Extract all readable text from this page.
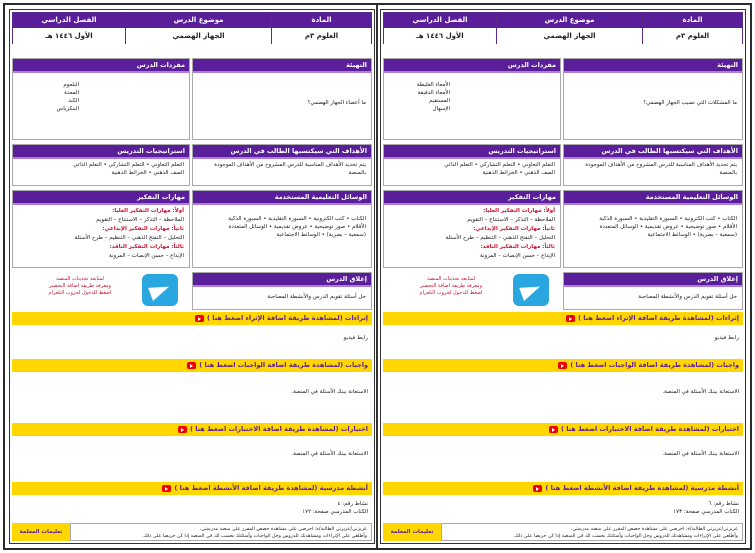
المادة
العلوم ٣م
موضوع الدرس
الجهاز الهضمي
الفصل الدراسي
الأول ١٤٤٦ هـ
التهيئة
ما المشكلات التي تصيب الجهاز الهضمي؟
مفردات الدرس
الأمعاء الغليظة
الأمعاء الدقيقة
المستقيم
الإسهال
الأهداف التي سيكتسبها الطالب في الدرس
يتم تحديد الأهداف المناسبة للدرس المشروح من الأهداف الموجودة بالمنصة
استراتيجيات التدريس
التعلم التعاوني • التعلم التشاركي • التعلم الذاتي
الصف الذهني • الخرائط الذهنية
الوسائل التعليمية المستخدمة
الكتاب • كتب الكترونية • السبورة التقليدية • السبورة الذكية
الأقلام • صور توضيحية • عروض تقديمية • الوسائل المتعددة
(سمعية – بصرية) • الوسائط الاجتماعية
مهارات التفكير
أولاً: مهارات التفكير العليا:
الملاحظة – التذكر – الاستنتاج – التقويم
ثانياً: مهارات التفكير الإبداعي:
التحليل – التفتح الذهني – التنظيم – طرح الأسئلة
ثالثاً: مهارات التفكير الناقد:
الإبداع – حسن الإنصات – المرونة
إغلاق الدرس
حل أسئلة تقويم الدرس والأنشطة المصاحبة
لمتابعة تحديثات المنصة
ومعرفة طريقة اضافة التحضير
اضغط للدخول لجروب التلغرام
إثراءات (لمشاهدة طريقة اضافة الإثراء اضغط هنا )
رابط فيديو
واجبات (لمشاهدة طريقة اضافة الواجبات اضغط هنا )
الاستعانة ببنك الأسئلة في المنصة.
اختبارات (لمشاهدة طريقة اضافة الاختبارات اضغط هنا )
الاستعانة ببنك الأسئلة في المنصة.
أنشطة مدرسية (لمشاهدة طريقة اضافة الأنشطة اضغط هنا )
نشاط رقم: ٦
الكتاب المدرسي صفحة: ١٧٣
عزيزتي/عزيزتي الطالبة/ة: احرصي على مشاهدة حصص المقرر على منصة مدرستي.
وأطلعي على الإثراءات ومشاهدتك للدروس وحل الواجبات وأسئلتك بحسب لك في المنصة إذا كن حريصا على ذلك.
تعليمات المعلمة
المادة
العلوم ٣م
موضوع الدرس
الجهاز الهضمي
الفصل الدراسي
الأول ١٤٤٦ هـ
التهيئة
ما أعضاء الجهاز الهضمي؟
مفردات الدرس
البلعوم
المعدة
الكبد
البنكرياس
الأهداف التي سيكتسبها الطالب في الدرس
يتم تحديد الأهداف المناسبة للدرس المشروح من الأهداف الموجودة بالمنصة
استراتيجيات التدريس
التعلم التعاوني • التعلم التشاركي • التعلم الذاتي
الصف الذهني • الخرائط الذهنية
الوسائل التعليمية المستخدمة
الكتاب • كتب الكترونية • السبورة التقليدية • السبورة الذكية
الأقلام • صور توضيحية • عروض تقديمية • الوسائل المتعددة
(سمعية – بصرية) • الوسائط الاجتماعية
مهارات التفكير
أولاً: مهارات التفكير العليا:
الملاحظة – التذكر – الاستنتاج – التقويم
ثانياً: مهارات التفكير الإبداعي:
التحليل – التفتح الذهني – التنظيم – طرح الأسئلة
ثالثاً: مهارات التفكير الناقد:
الإبداع – حسن الإنصات – المرونة
إغلاق الدرس
حل أسئلة تقويم الدرس والأنشطة المصاحبة
لمتابعة تحديثات المنصة
ومعرفة طريقة اضافة التحضير
اضغط للدخول لجروب التلغرام
إثراءات (لمشاهدة طريقة اضافة الإثراء اضغط هنا )
رابط فيديو
واجبات (لمشاهدة طريقة اضافة الواجبات اضغط هنا )
الاستعانة ببنك الأسئلة في المنصة.
اختبارات (لمشاهدة طريقة اضافة الاختبارات اضغط هنا )
الاستعانة ببنك الأسئلة في المنصة.
أنشطة مدرسية (لمشاهدة طريقة اضافة الأنشطة اضغط هنا )
نشاط رقم: ٤
الكتاب المدرسي صفحة: ١٧٢
عزيزتي/عزيزتي الطالبة/ة: احرصي على مشاهدة حصص المقرر على منصة مدرستي.
وأطلعي على الإثراءات ومشاهدتك للدروس وحل الواجبات وأسئلتك بحسب لك في المنصة إذا كن حريصا على ذلك.
تعليمات المعلمة
